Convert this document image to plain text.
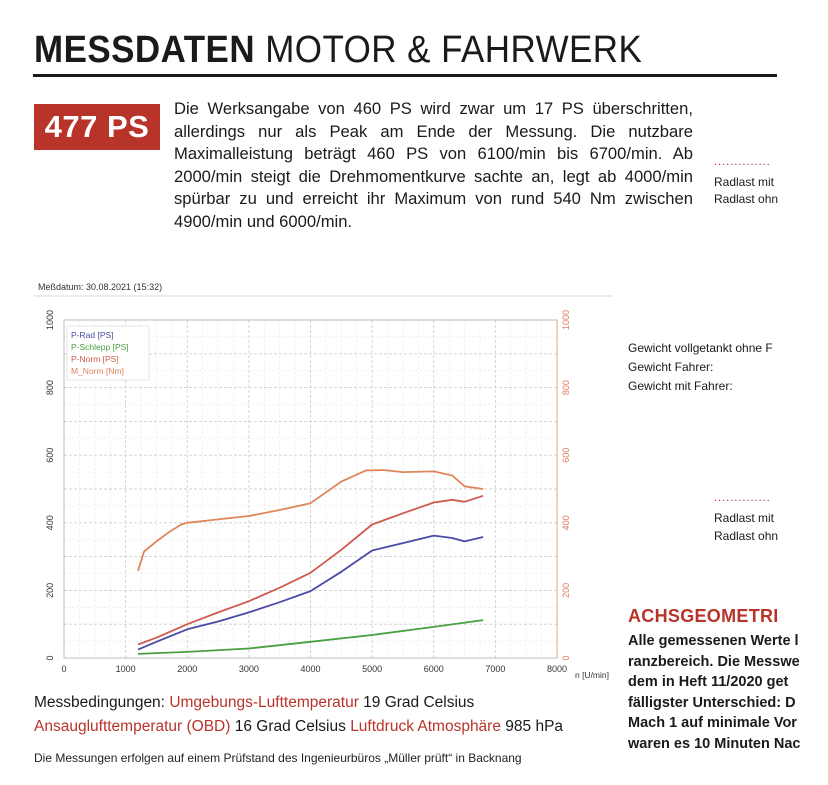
MESSDATEN MOTOR & FAHRWERK
477 PS
Die Werksangabe von 460 PS wird zwar um 17 PS überschritten, allerdings nur als Peak am Ende der Messung. Die nutzbare Maximalleistung beträgt 460 PS von 6100/min bis 6700/min. Ab 2000/min steigt die Drehmomentkurve sachte an, legt ab 4000/min spürbar zu und erreicht ihr Maximum von rund 540 Nm zwischen 4900/min und 6000/min.
..............
Radlast mit
Radlast ohn
Gewicht vollgetankt ohne F
Gewicht Fahrer:
Gewicht mit Fahrer:
..............
Radlast mit
Radlast ohn
ACHSGEOMETRI
Alle gemessenen Werte l
ranzbereich. Die Messwe
dem in Heft 11/2020 get
fälligster Unterschied: D
Mach 1 auf minimale Vor
waren es 10 Minuten Nac
Meßdatum: 30.08.2021 (15:32)
0	1000	2000	3000	4000	5000	6000	7000	8000
n [U/min]
0	0
200	200
400	400
600	600
800	800
1000	1000
P-Rad [PS]
P-Schlepp [PS]
P-Norm [PS]
M_Norm [Nm]
Messbedingungen: Umgebungs-Lufttemperatur 19 Grad Celsius
Ansauglufttemperatur (OBD) 16 Grad Celsius Luftdruck Atmosphäre 985 hPa
Die Messungen erfolgen auf einem Prüfstand des Ingenieurbüros „Müller prüft“ in Backnang
